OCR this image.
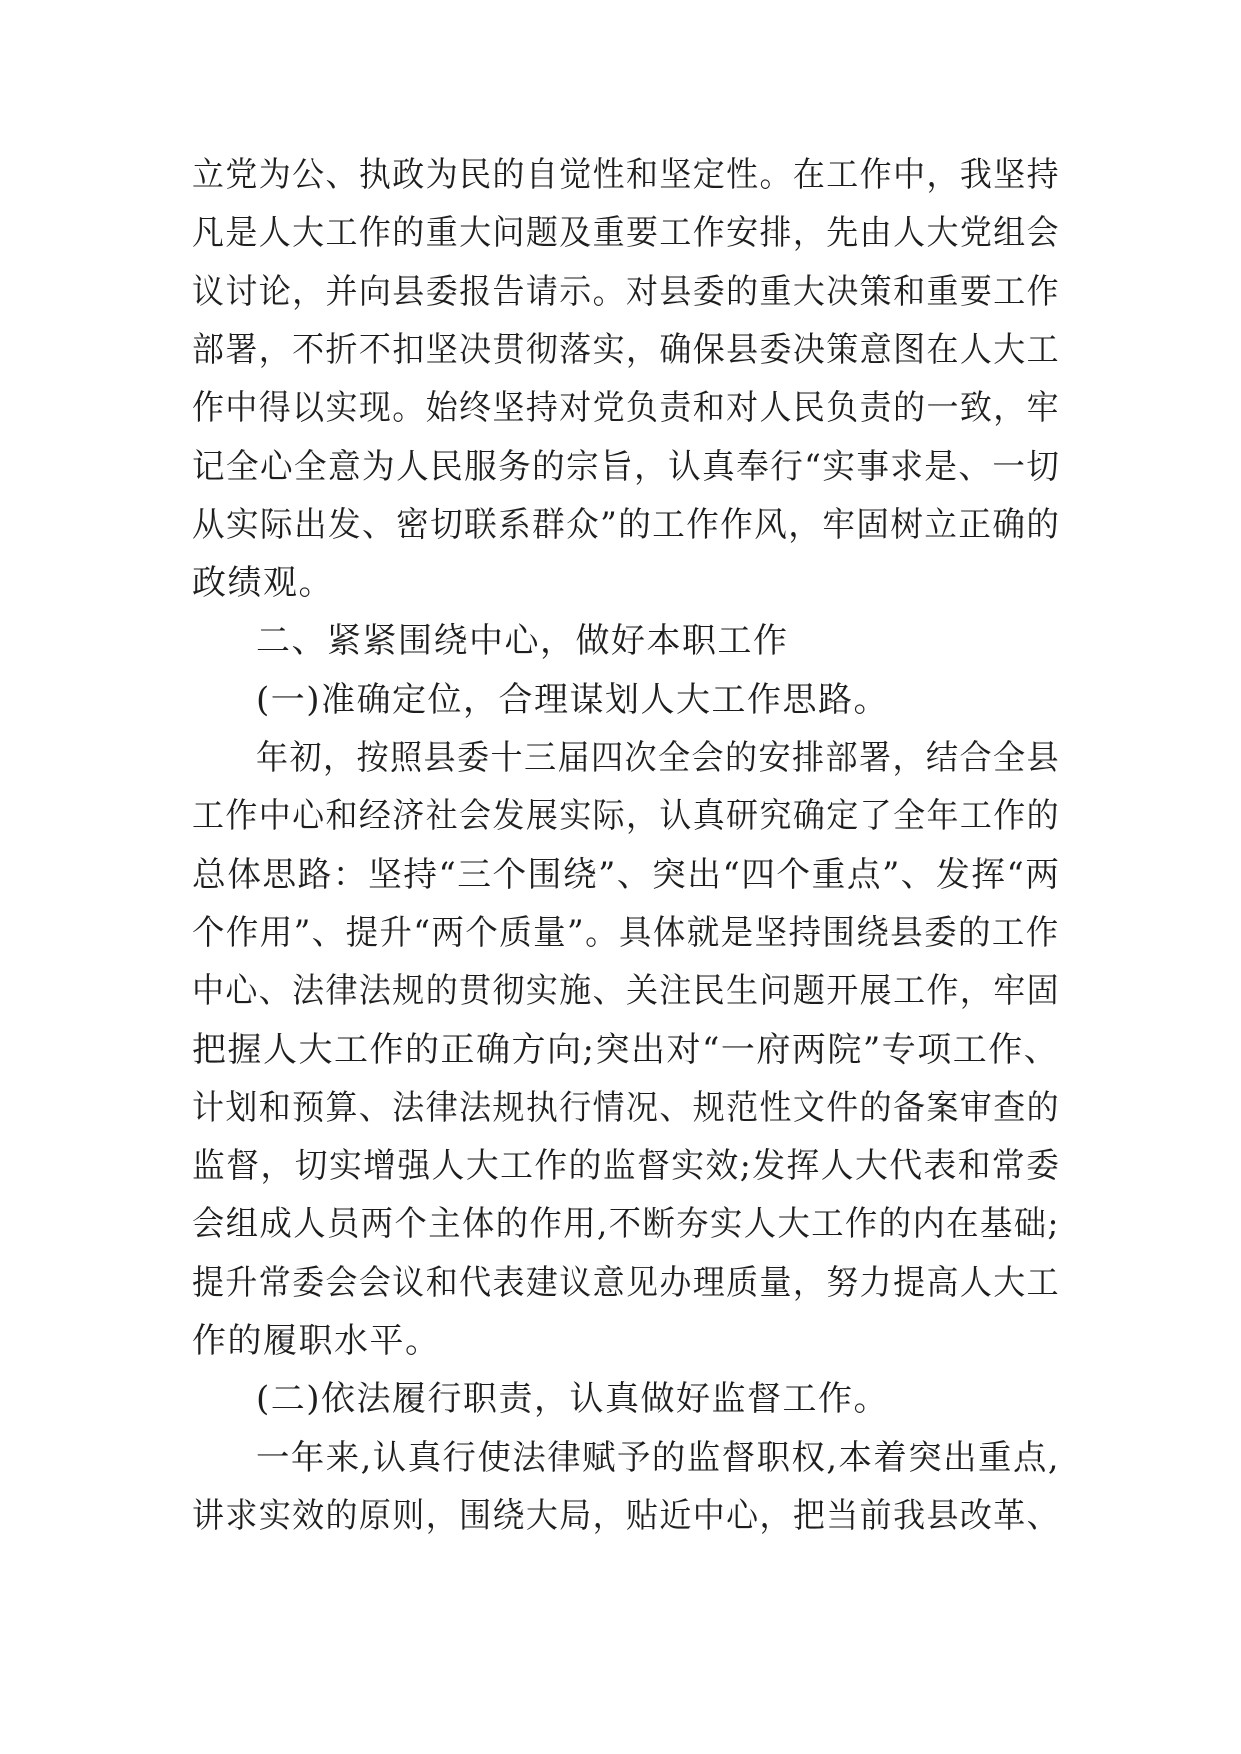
立党为公、执政为民的自觉性和坚定性。在工作中，我坚持
凡是人大工作的重大问题及重要工作安排，先由人大党组会
议讨论，并向县委报告请示。对县委的重大决策和重要工作
部署，不折不扣坚决贯彻落实，确保县委决策意图在人大工
作中得以实现。始终坚持对党负责和对人民负责的一致，牢
记全心全意为人民服务的宗旨，认真奉行“实事求是、一切
从实际出发、密切联系群众”的工作作风，牢固树立正确的
政绩观。
二、紧紧围绕中心，做好本职工作
(一)准确定位，合理谋划人大工作思路。
年初，按照县委十三届四次全会的安排部署，结合全县
工作中心和经济社会发展实际，认真研究确定了全年工作的
总体思路：坚持“三个围绕”、突出“四个重点”、发挥“两
个作用”、提升“两个质量”。具体就是坚持围绕县委的工作
中心、法律法规的贯彻实施、关注民生问题开展工作，牢固
把握人大工作的正确方向;突出对“一府两院”专项工作、
计划和预算、法律法规执行情况、规范性文件的备案审查的
监督，切实增强人大工作的监督实效;发挥人大代表和常委
会组成人员两个主体的作用,不断夯实人大工作的内在基础;
提升常委会会议和代表建议意见办理质量，努力提高人大工
作的履职水平。
(二)依法履行职责，认真做好监督工作。
一年来,认真行使法律赋予的监督职权,本着突出重点,
讲求实效的原则，围绕大局，贴近中心，把当前我县改革、
